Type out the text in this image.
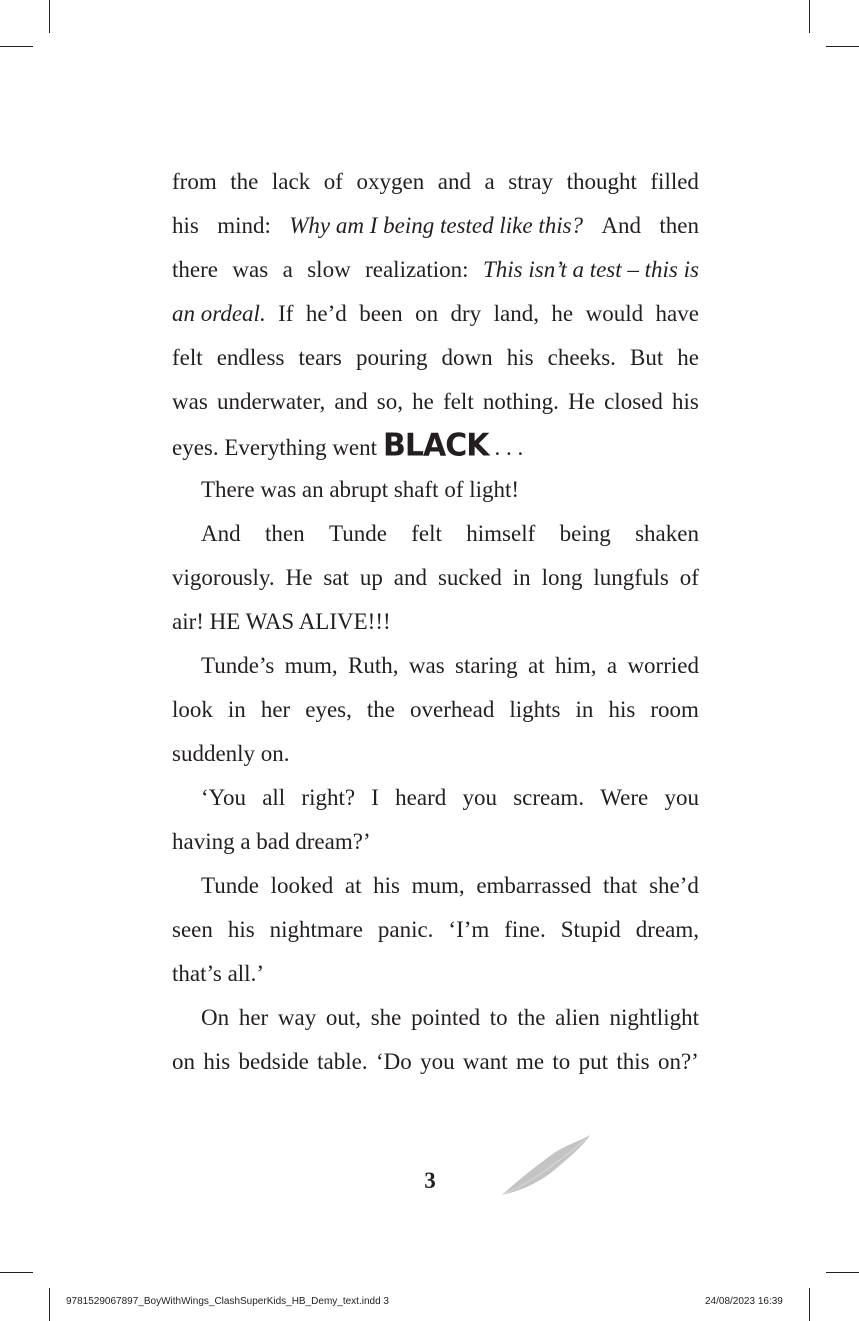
from the lack of oxygen and a stray thought filled
his mind: Why am I being tested like this? And then
there was a slow realization: This isn’t a test – this is
an ordeal. If he’d been on dry land, he would have
felt endless tears pouring down his cheeks. But he
was underwater, and so, he felt nothing. He closed his
eyes. Everything went BLACK . . .
There was an abrupt shaft of light!
And then Tunde felt himself being shaken
vigorously. He sat up and sucked in long lungfuls of
air! HE WAS ALIVE!!!
Tunde’s mum, Ruth, was staring at him, a worried
look in her eyes, the overhead lights in his room
suddenly on.
‘You all right? I heard you scream. Were you
having a bad dream?’
Tunde looked at his mum, embarrassed that she’d
seen his nightmare panic. ‘I’m fine. Stupid dream,
that’s all.’
On her way out, she pointed to the alien nightlight
on his bedside table. ‘Do you want me to put this on?’
3
9781529067897_BoyWithWings_ClashSuperKids_HB_Demy_text.indd 3	24/08/2023 16:39
